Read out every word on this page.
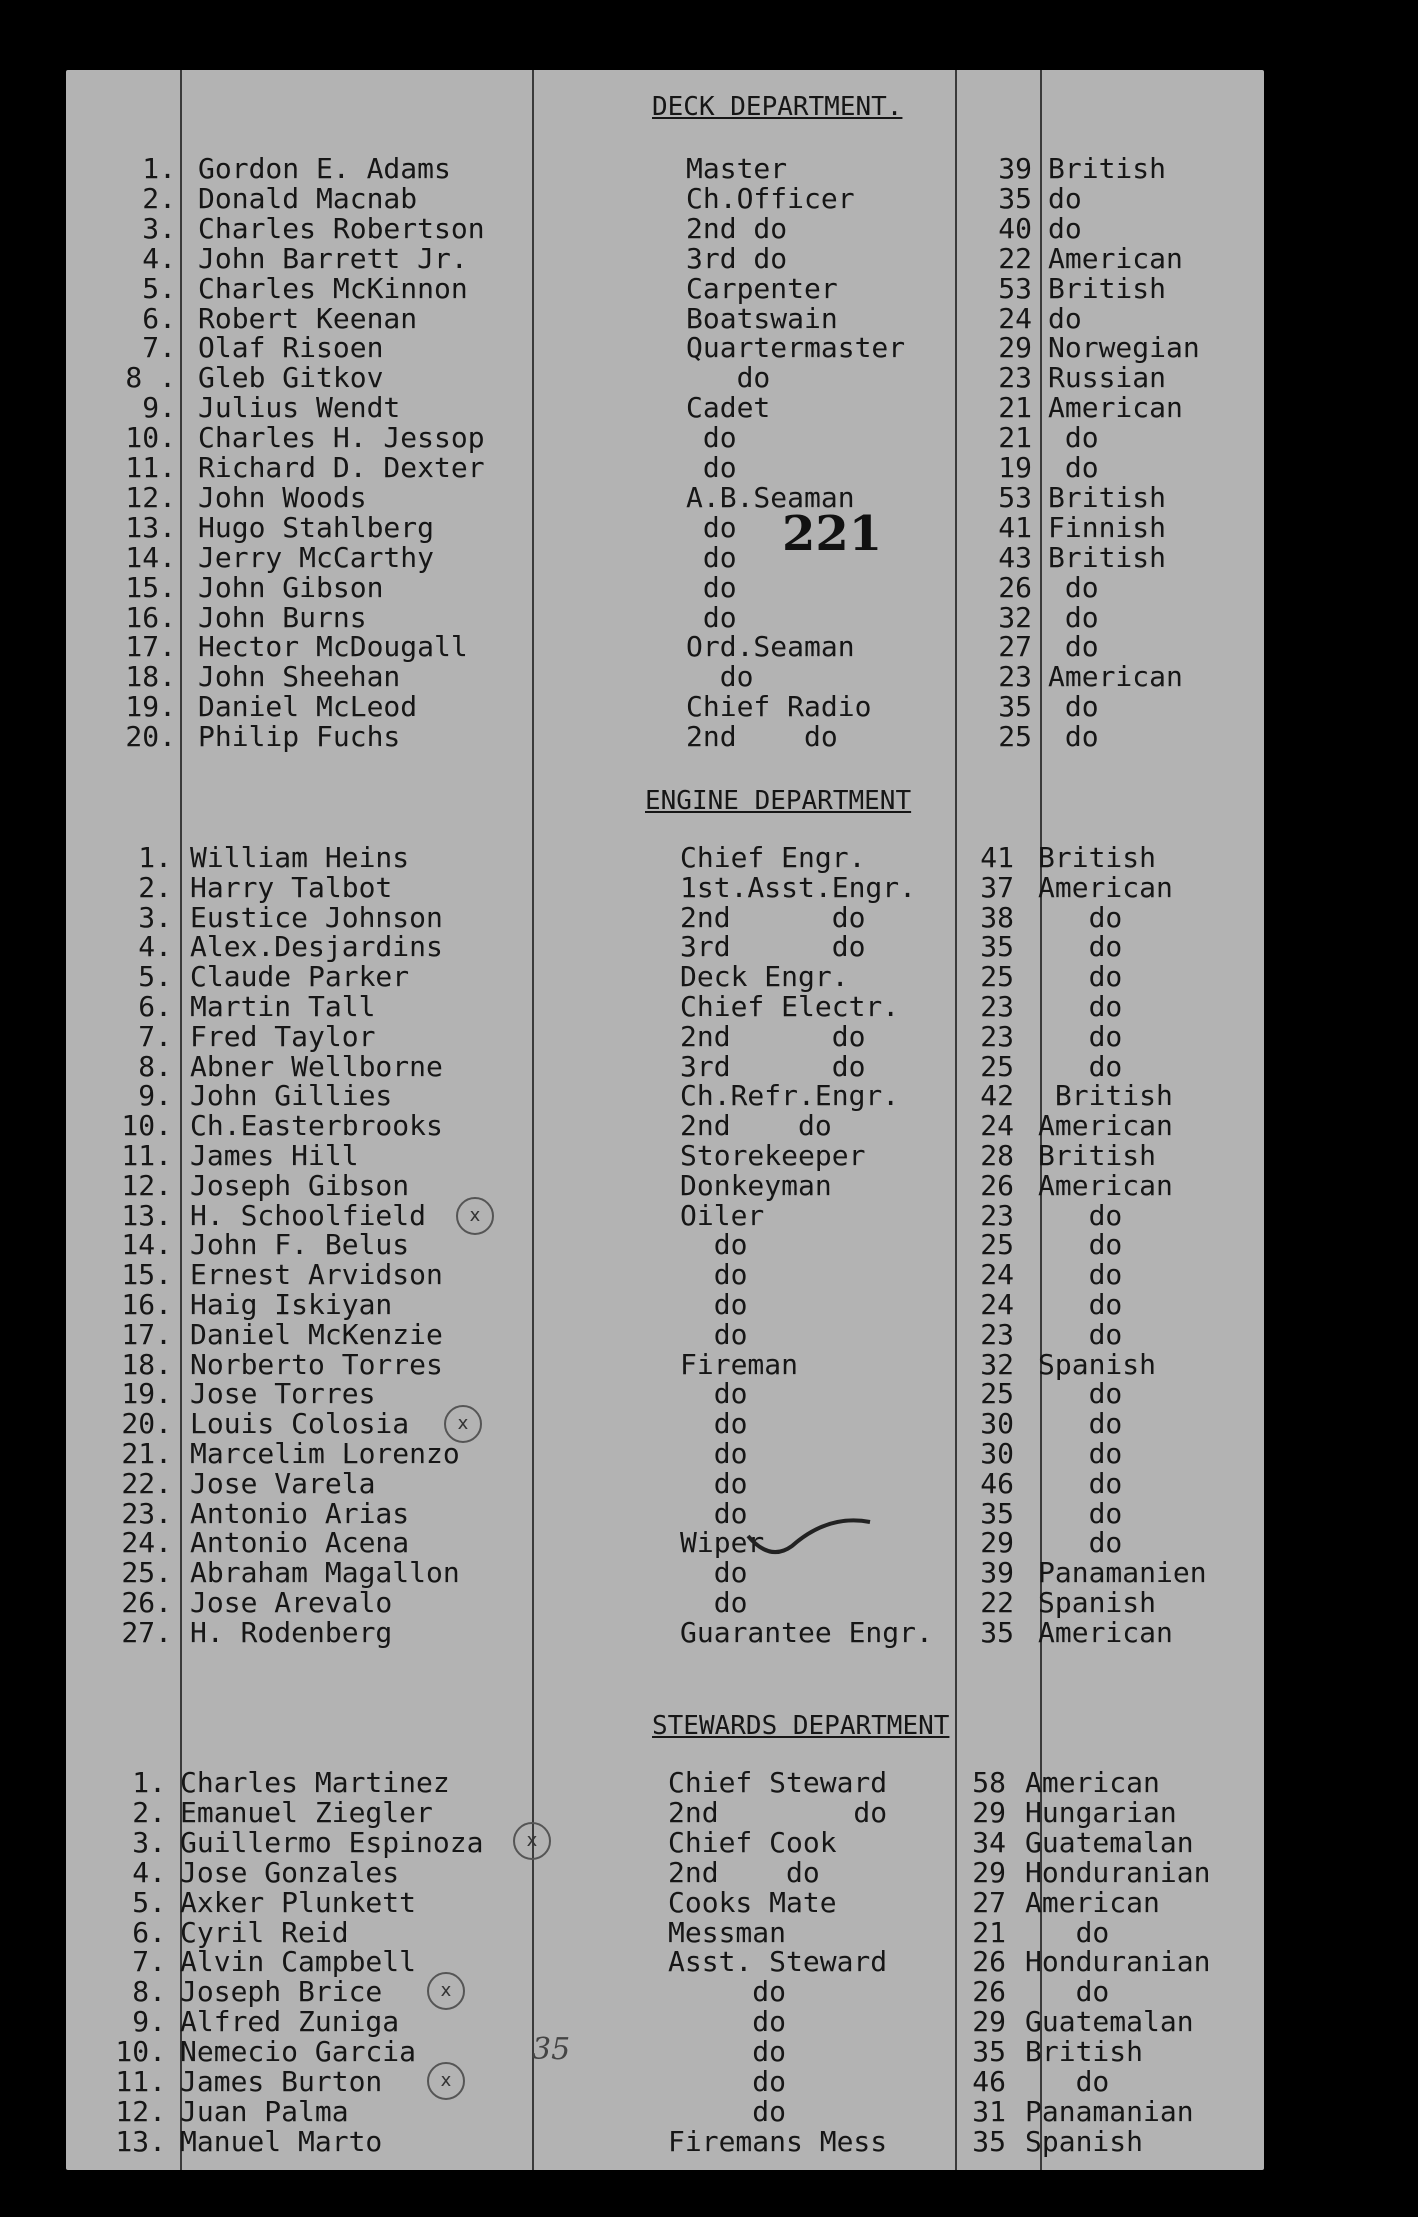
DECK DEPARTMENT.
1. Gordon E. Adams	Master	39 British
2. Donald Macnab	Ch.Officer	35 do
3. Charles Robertson	2nd do	40 do
4. John Barrett Jr.	3rd do	22 American
5. Charles McKinnon	Carpenter	53 British
6. Robert Keenan	Boatswain	24 do
7. Olaf Risoen	Quartermaster	29 Norwegian
8 . Gleb Gitkov	do	23 Russian
9. Julius Wendt	Cadet	21 American
10. Charles H. Jessop	do	21 do
11. Richard D. Dexter	do	19 do
12. John Woods	A.B.Seaman	53 British
13. Hugo Stahlberg	do	41 Finnish
14. Jerry McCarthy	do	43 British
15. John Gibson	do	26 do
16. John Burns	do	32 do
17. Hector McDougall	Ord.Seaman	27 do
18. John Sheehan	do	23 American
19. Daniel McLeod	Chief Radio	35 do
20. Philip Fuchs	2nd    do	25 do
ENGINE DEPARTMENT
1. William Heins	Chief Engr.	41 British
2. Harry Talbot	1st.Asst.Engr.	37 American
3. Eustice Johnson	2nd      do	38 do
4. Alex.Desjardins	3rd      do	35 do
5. Claude Parker	Deck Engr.	25 do
6. Martin Tall	Chief Electr.	23 do
7. Fred Taylor	2nd      do	23 do
8. Abner Wellborne	3rd      do	25 do
9. John Gillies	Ch.Refr.Engr.	42 British
10. Ch.Easterbrooks	2nd    do	24 American
11. James Hill	Storekeeper	28 British
12. Joseph Gibson	Donkeyman	26 American
13. H. Schoolfield	Oiler	23 do
14. John F. Belus	do	25 do
15. Ernest Arvidson	do	24 do
16. Haig Iskiyan	do	24 do
17. Daniel McKenzie	do	23 do
18. Norberto Torres	Fireman	32 Spanish
19. Jose Torres	do	25 do
20. Louis Colosia	do	30 do
21. Marcelim Lorenzo	do	30 do
22. Jose Varela	do	46 do
23. Antonio Arias	do	35 do
24. Antonio Acena	Wiper	29 do
25. Abraham Magallon	do	39 Panamanien
26. Jose Arevalo	do	22 Spanish
27. H. Rodenberg	Guarantee Engr.	35 American
STEWARDS DEPARTMENT
1. Charles Martinez	Chief Steward	58 American
2. Emanuel Ziegler	2nd        do	29 Hungarian
3. Guillermo Espinoza	Chief Cook	34 Guatemalan
4. Jose Gonzales	2nd    do	29 Honduranian
5. Axker Plunkett	Cooks Mate	27 American
6. Cyril Reid	Messman	21 do
7. Alvin Campbell	Asst. Steward	26 Honduranian
8. Joseph Brice	do	26 do
9. Alfred Zuniga	do	29 Guatemalan
10. Nemecio Garcia	do	35 British
11. James Burton	do	46 do
12. Juan Palma	do	31 Panamanian
13. Manuel Marto	Firemans Mess	35 Spanish
221
35
x
x
x
x
x
